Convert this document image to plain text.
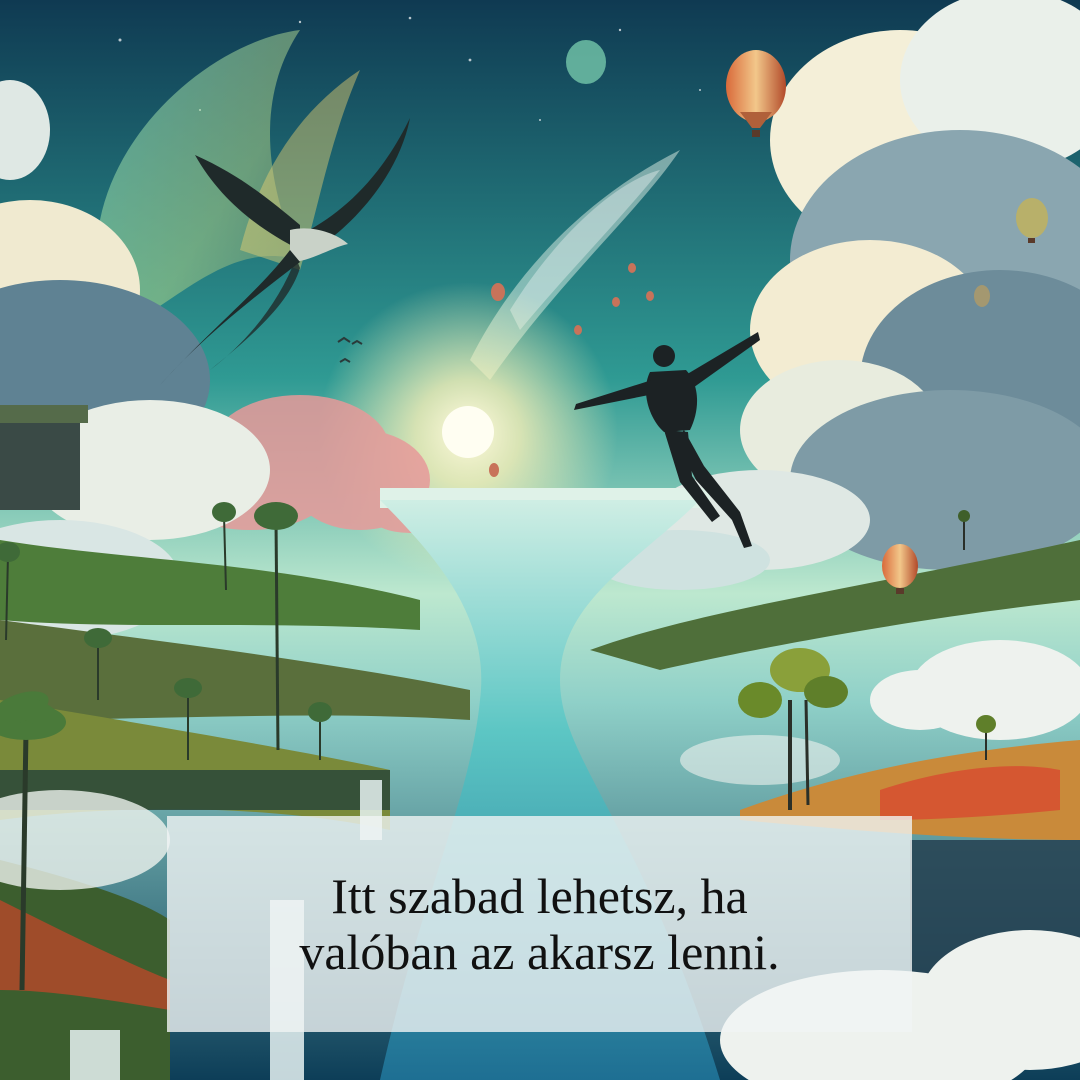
Itt szabad lehetsz, ha
valóban az akarsz lenni.
